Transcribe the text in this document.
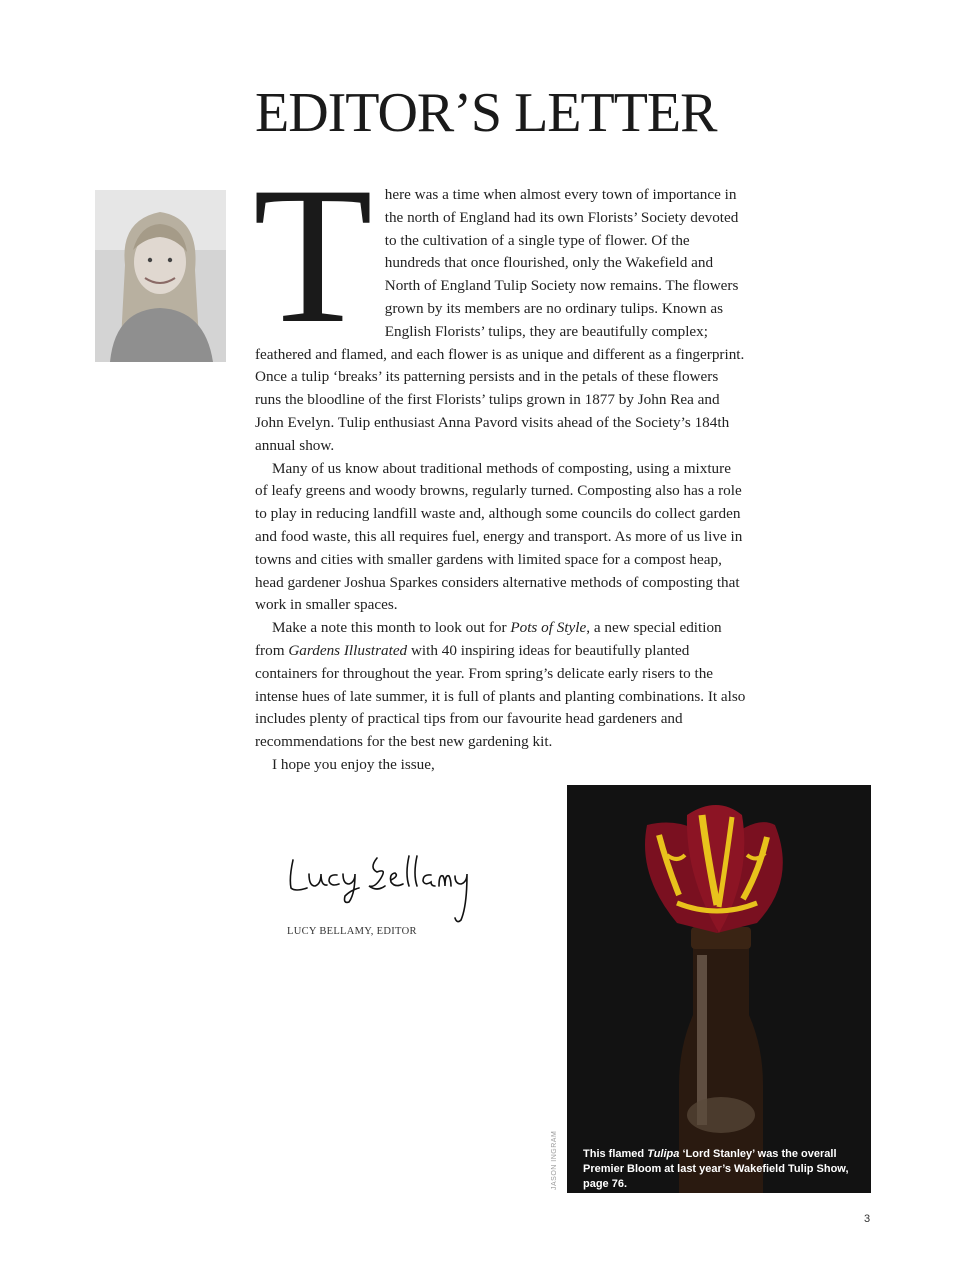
EDITOR’S LETTER

There was a time when almost every town of importance in the north of England had its own Florists’ Society devoted to the cultivation of a single type of flower. Of the hundreds that once flourished, only the Wakefield and North of England Tulip Society now remains. The flowers grown by its members are no ordinary tulips. Known as English Florists’ tulips, they are beautifully complex; feathered and flamed, and each flower is as unique and different as a fingerprint. Once a tulip ‘breaks’ its patterning persists and in the petals of these flowers runs the bloodline of the first Florists’ tulips grown in 1877 by John Rea and John Evelyn. Tulip enthusiast Anna Pavord visits ahead of the Society’s 184th annual show.

Many of us know about traditional methods of composting, using a mixture of leafy greens and woody browns, regularly turned. Composting also has a role to play in reducing landfill waste and, although some councils do collect garden and food waste, this all requires fuel, energy and transport. As more of us live in towns and cities with smaller gardens with limited space for a compost heap, head gardener Joshua Sparkes considers alternative methods of composting that work in smaller spaces.

Make a note this month to look out for Pots of Style, a new special edition from Gardens Illustrated with 40 inspiring ideas for beautifully planted containers for throughout the year. From spring’s delicate early risers to the intense hues of late summer, it is full of plants and planting combinations. It also includes plenty of practical tips from our favourite head gardeners and recommendations for the best new gardening kit.

I hope you enjoy the issue,

LUCY BELLAMY, EDITOR
This flamed Tulipa ‘Lord Stanley’ was the overall Premier Bloom at last year’s Wakefield Tulip Show, page 76.
JASON INGRAM
3
